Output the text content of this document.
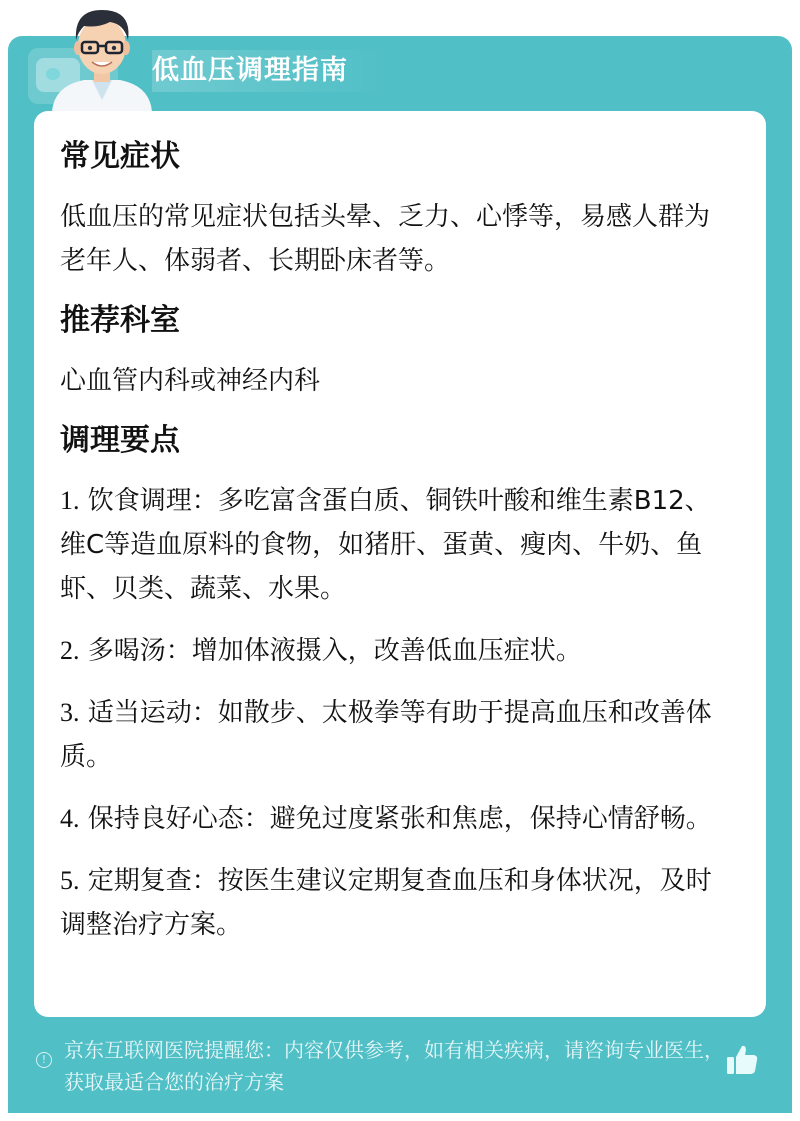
低血压调理指南
常见症状

低血压的常见症状包括头晕、乏力、心悸等，易感人群为老年人、体弱者、长期卧床者等。

推荐科室

心血管内科或神经内科

调理要点

1. 饮食调理：多吃富含蛋白质、铜铁叶酸和维生素B12、维C等造血原料的食物，如猪肝、蛋黄、瘦肉、牛奶、鱼虾、贝类、蔬菜、水果。

2. 多喝汤：增加体液摄入，改善低血压症状。

3. 适当运动：如散步、太极拳等有助于提高血压和改善体质。

4. 保持良好心态：避免过度紧张和焦虑，保持心情舒畅。

5. 定期复查：按医生建议定期复查血压和身体状况，及时调整治疗方案。

! 京东互联网医院提醒您：内容仅供参考，如有相关疾病，请咨询专业医生，获取最适合您的治疗方案
